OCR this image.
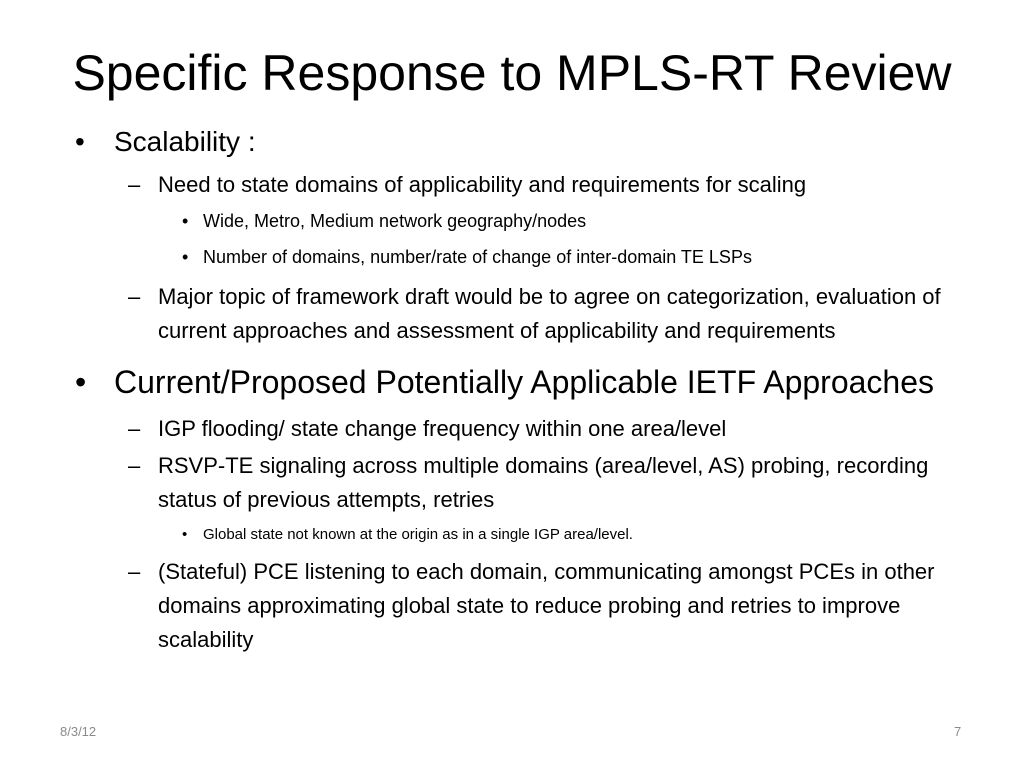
Specific Response to MPLS-RT Review
• Scalability :
– Need to state domains of applicability and requirements for scaling
• Wide, Metro, Medium network geography/nodes
• Number of domains, number/rate of change of inter-domain TE LSPs
– Major topic of framework draft would be to agree on categorization, evaluation of current approaches and assessment of applicability and requirements
• Current/Proposed Potentially Applicable IETF Approaches
– IGP flooding/ state change frequency within one area/level
– RSVP-TE signaling across multiple domains (area/level, AS) probing, recording status of previous attempts, retries
• Global state not known at the origin as in a single IGP area/level.
– (Stateful) PCE listening to each domain, communicating amongst PCEs in other domains approximating global state to reduce probing and retries to improve scalability
8/3/12	7
